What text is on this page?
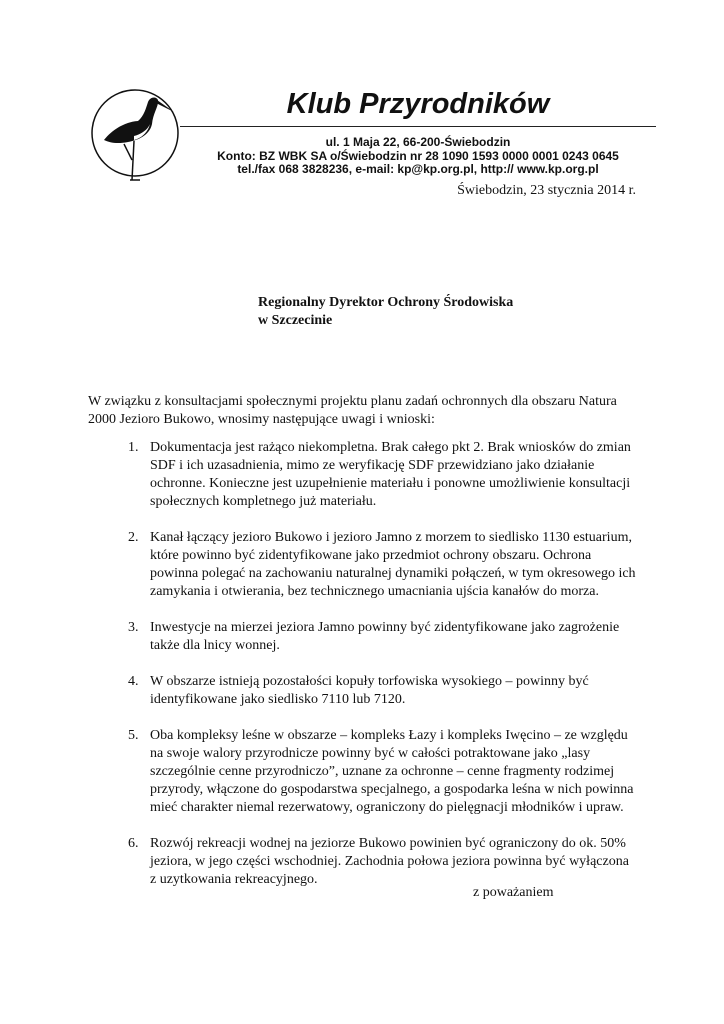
Klub Przyrodników
ul. 1 Maja 22, 66-200-Świebodzin
Konto: BZ WBK SA o/Świebodzin nr 28 1090 1593 0000 0001 0243 0645
tel./fax 068 3828236, e-mail: kp@kp.org.pl, http:// www.kp.org.pl
Świebodzin, 23 stycznia 2014 r.
Regionalny Dyrektor Ochrony Środowiska
w Szczecinie
W związku z konsultacjami społecznymi projektu planu zadań ochronnych dla obszaru Natura
2000 Jezioro Bukowo, wnosimy następujące uwagi i wnioski:
1. Dokumentacja jest rażąco niekompletna. Brak całego pkt 2. Brak wniosków do zmian
SDF i ich uzasadnienia, mimo ze weryfikację SDF przewidziano jako działanie
ochronne. Konieczne jest uzupełnienie materiału i ponowne umożliwienie konsultacji
społecznych kompletnego już materiału.
2. Kanał łączący jezioro Bukowo i jezioro Jamno z morzem to siedlisko 1130 estuarium,
które powinno być zidentyfikowane jako przedmiot ochrony obszaru. Ochrona
powinna polegać na zachowaniu naturalnej dynamiki połączeń, w tym okresowego ich
zamykania i otwierania, bez technicznego umacniania ujścia kanałów do morza.
3. Inwestycje na mierzei jeziora Jamno powinny być zidentyfikowane jako zagrożenie
także dla lnicy wonnej.
4. W obszarze istnieją pozostałości kopuły torfowiska wysokiego – powinny być
identyfikowane jako siedlisko 7110 lub 7120.
5. Oba kompleksy leśne w obszarze – kompleks Łazy i kompleks Iwęcino – ze względu
na swoje walory przyrodnicze powinny być w całości potraktowane jako „lasy
szczególnie cenne przyrodniczo”, uznane za ochronne – cenne fragmenty rodzimej
przyrody, włączone do gospodarstwa specjalnego, a gospodarka leśna w nich powinna
mieć charakter niemal rezerwatowy, ograniczony do pielęgnacji młodników i upraw.
6. Rozwój rekreacji wodnej na jeziorze Bukowo powinien być ograniczony do ok. 50%
jeziora, w jego części wschodniej. Zachodnia połowa jeziora powinna być wyłączona
z uzytkowania rekreacyjnego.
z poważaniem
